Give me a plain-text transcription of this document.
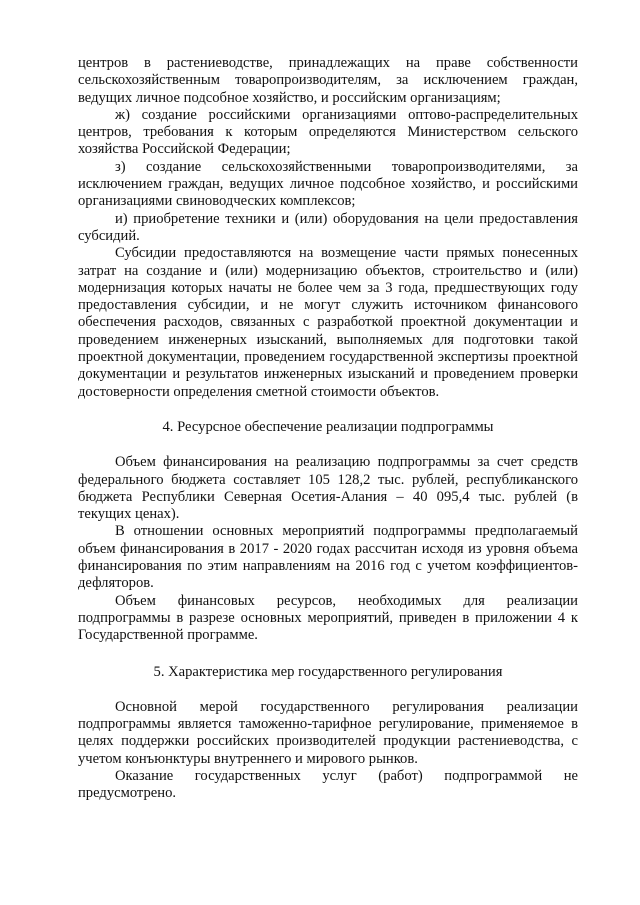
центров в растениеводстве, принадлежащих на праве собственности сельскохозяйственным товаропроизводителям, за исключением граждан, ведущих личное подсобное хозяйство, и российским организациям;

ж) создание российскими организациями оптово-распределительных центров, требования к которым определяются Министерством сельского хозяйства Российской Федерации;

з) создание сельскохозяйственными товаропроизводителями, за исключением граждан, ведущих личное подсобное хозяйство, и российскими организациями свиноводческих комплексов;

и) приобретение техники и (или) оборудования на цели предоставления субсидий.

Субсидии предоставляются на возмещение части прямых понесенных затрат на создание и (или) модернизацию объектов, строительство и (или) модернизация которых начаты не более чем за 3 года, предшествующих году предоставления субсидии, и не могут служить источником финансового обеспечения расходов, связанных с разработкой проектной документации и проведением инженерных изысканий, выполняемых для подготовки такой проектной документации, проведением государственной экспертизы проектной документации и результатов инженерных изысканий и проведением проверки достоверности определения сметной стоимости объектов.

4. Ресурсное обеспечение реализации подпрограммы

Объем финансирования на реализацию подпрограммы за счет средств федерального бюджета составляет 105 128,2 тыс. рублей, республиканского бюджета Республики Северная Осетия-Алания – 40 095,4 тыс. рублей (в текущих ценах).

В отношении основных мероприятий подпрограммы предполагаемый объем финансирования в 2017 - 2020 годах рассчитан исходя из уровня объема финансирования по этим направлениям на 2016 год с учетом коэффициентов-дефляторов.

Объем финансовых ресурсов, необходимых для реализации подпрограммы в разрезе основных мероприятий, приведен в приложении 4 к Государственной программе.

5. Характеристика мер государственного регулирования

Основной мерой государственного регулирования реализации подпрограммы является таможенно-тарифное регулирование, применяемое в целях поддержки российских производителей продукции растениеводства, с учетом конъюнктуры внутреннего и мирового рынков.

Оказание государственных услуг (работ) подпрограммой не предусмотрено.
